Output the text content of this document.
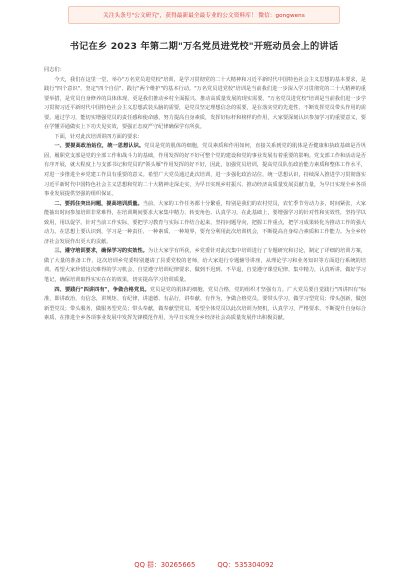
关注头条号"公文研究"，获得最新最全最专业的公文资料库！ 微信：gongwens
书记在乡 2023 年第二期"万名党员进党校"开班动员会上的讲话

同志们：

今天，我们在这里一堂，举办"万名党员进党校"培训，是学习贯彻党的二十大精神和习近平新时代中国特色社会主义思想的基本要求，是践行"四个意识"、坚定"四个自信"、践行"两个维护"的基本行动。"万名党员进党校"培训是当前我们进一步深入学习贯彻党的二十大精神的重要举措，是党员自身修养的具体体现，更是我们推动乡村全面振兴、推动高质量发展的现实需要。"万名党员进党校"培训是当前我们进一步学习贯彻习近平新时代中国特色社会主义思想武装头脑的需要，是党员坚定理想信念的需要，是在落实党的先进性、不断发挥党员带头作用的需要。通过学习，能切实增强党员的责任感和使命感，努力提高自身素质，发挥好标杆和榜样的作用，大家要深刻认识参加学习的重要意义，要在学懂弄通做实上下功夫见实效，要强正态度严守纪律确保学有所获。

下面，针对此次培训讲四方面的要求：

一、要提高政治站位，统一思想认识。党员是党的肌体的细胞，党员素质和作用如何，直接关系到党的肌体是否健康和执政基础是否巩固，履职党支部是党的全部工作和战斗力的基础，作用发挥的好不好可整个党的建设和党的事业发展有着重要的影响。党支部工作和活动是否有序开展，就大程度上与支部书记和党员的"领头雁"作用发挥的好不好，因此，加强党员培训，提高党员队伍政治能力素质和整体工作水平，对进一步推进全乡党建工作具有重要的意义。希望广大党员通过此次培训，进一步强化政治站位，统一思想认识，持续深入推进学习贯彻落实习近平新时代中国特色社会主义思想和党的二十大精神走深走实，为早日实现乡村振兴、推动经济高质量发展贡献力量，为早日实现全乡各项事业发展提供坚强的组织保证。

二、要抓住突出问题，提高培训质量。当前，大家的工作任务都十分繁重，特别是我们的农村党员，农忙季节劳动力多，时间紧张，大家能抽出时间参加培训非常难得，在培训期间要求大家集中精力、转变角色、认真学习，在此基础上，要增强学习的针对性和实效性，坚持学以致用，用以促学。针对当前工作实际，要把学习教育与实际工作结合起来，坚持问题导向，把握工作重点，把学习成果转化为推动工作的强大动力。在思想上要认识到，学习是一种责任、一种素质、一种境界，要充分利用此次培训机会，不断提高自身综合素质和工作能力。为全乡经济社会发展作出更大的贡献。

三、遵守培训要求，确保学习的实效性。为让大家学有所获，乡党委针对此次集中培训进行了专题研究和讨论，制定了详细的培训方案，做了大量的准备工作，这次培训乡党委特别邀请了县委党校的老师，给大家进行专题辅导讲座，从理论学习和业务知识等方面进行系统的培训。希望大家珍惜这次难得的学习机会，自觉遵守培训纪律要求，做到不迟到、不早退，自觉遵守课堂纪律，集中精力，认真听讲，做好学习笔记，确保培训取得实实在在的效果，切实提高学习培训质量。

四、要践行"四讲四有"，争做合格党员。党员是党的肌体的细胞，党员合格，党的组织才坚强有力。广大党员要自觉践行"四讲四有"标准，即讲政治、有信念，讲规矩、有纪律，讲道德、有品行，讲奉献、有作为，争做合格党员。要带头学习，做学习型党员；带头创新，做创新型党员；带头服务，做服务型党员；带头奉献，做奉献型党员。希望全体党员以此次培训为契机，认真学习，严格要求，不断提升自身综合素质，在推进全乡各项事业发展中发挥先锋模范作用，为早日实现全乡经济社会高质量发展作出积极贡献。

QQ 群：30265665	QQ：535304092
